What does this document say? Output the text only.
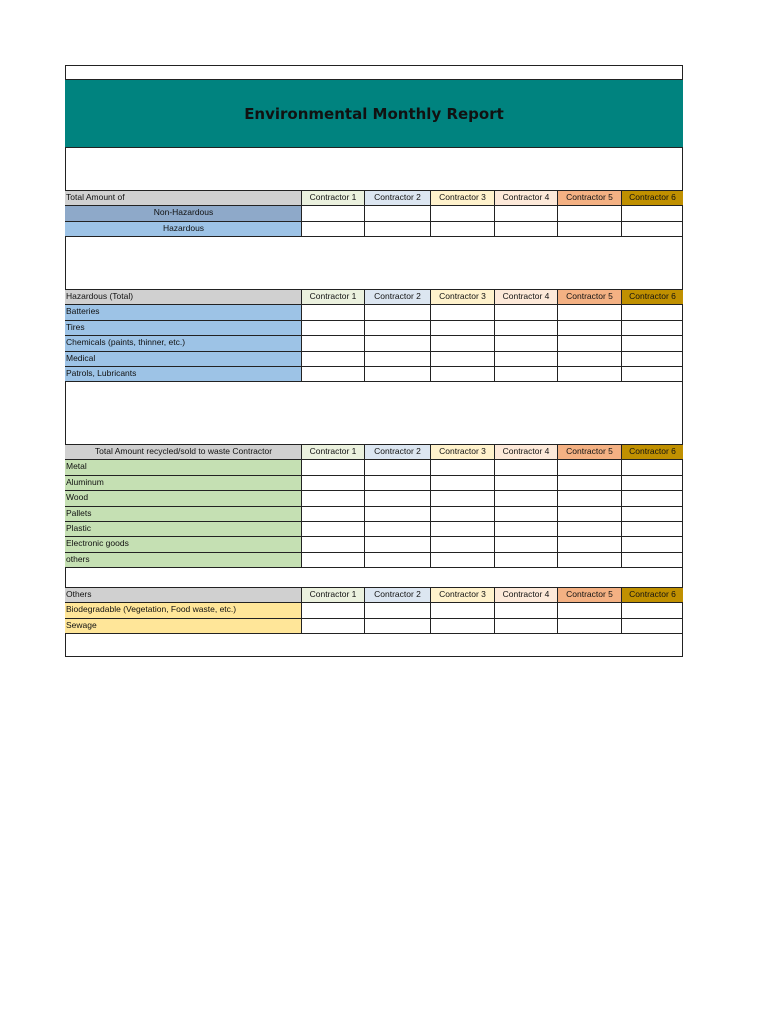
Environmental Monthly Report
Total Amount of	Contractor 1	Contractor 2	Contractor 3	Contractor 4	Contractor 5	Contractor 6
Non-Hazardous
Hazardous
Hazardous (Total)	Contractor 1	Contractor 2	Contractor 3	Contractor 4	Contractor 5	Contractor 6
Batteries
Tires
Chemicals (paints, thinner, etc.)
Medical
Patrols, Lubricants
Total Amount recycled/sold to waste Contractor	Contractor 1	Contractor 2	Contractor 3	Contractor 4	Contractor 5	Contractor 6
Metal
Aluminum
Wood
Pallets
Plastic
Electronic goods
others
Others	Contractor 1	Contractor 2	Contractor 3	Contractor 4	Contractor 5	Contractor 6
Biodegradable (Vegetation, Food waste, etc.)
Sewage
